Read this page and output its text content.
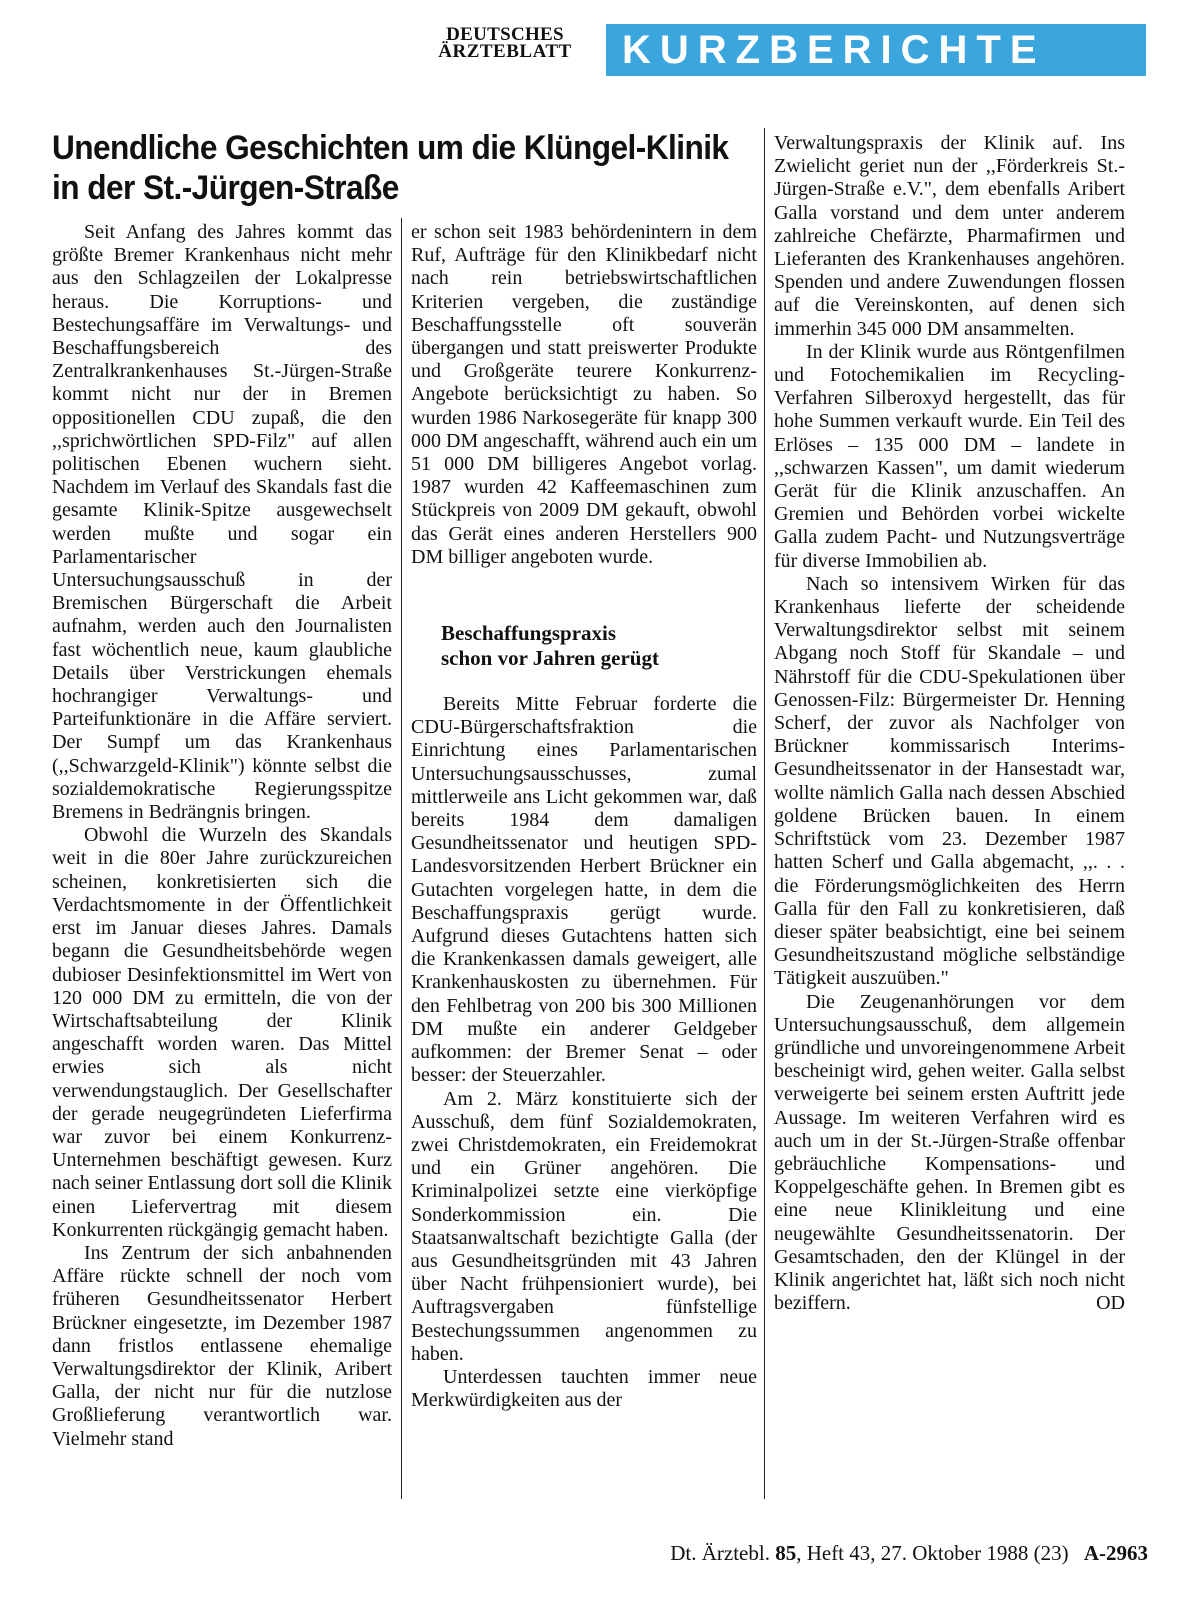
DEUTSCHES
ÄRZTEBLATT	KURZBERICHTE
Unendliche Geschichten um die Klüngel-Klinik
in der St.-Jürgen-Straße

Seit Anfang des Jahres kommt das größte Bremer Krankenhaus nicht mehr aus den Schlagzeilen der Lokalpresse heraus. Die Korruptions- und Bestechungsaffäre im Verwaltungs- und Beschaffungsbereich des Zentralkrankenhauses St.-Jürgen-Straße kommt nicht nur der in Bremen oppositionellen CDU zupaß, die den ,,sprichwörtlichen SPD-Filz" auf allen politischen Ebenen wuchern sieht. Nachdem im Verlauf des Skandals fast die gesamte Klinik-Spitze ausgewechselt werden mußte und sogar ein Parlamentarischer Untersuchungsausschuß in der Bremischen Bürgerschaft die Arbeit aufnahm, werden auch den Journalisten fast wöchentlich neue, kaum glaubliche Details über Verstrickungen ehemals hochrangiger Verwaltungs- und Parteifunktionäre in die Affäre serviert. Der Sumpf um das Krankenhaus (,,Schwarzgeld-Klinik") könnte selbst die sozialdemokratische Regierungsspitze Bremens in Bedrängnis bringen.

Obwohl die Wurzeln des Skandals weit in die 80er Jahre zurückzureichen scheinen, konkretisierten sich die Verdachtsmomente in der Öffentlichkeit erst im Januar dieses Jahres. Damals begann die Gesundheitsbehörde wegen dubioser Desinfektionsmittel im Wert von 120 000 DM zu ermitteln, die von der Wirtschaftsabteilung der Klinik angeschafft worden waren. Das Mittel erwies sich als nicht verwendungstauglich. Der Gesellschafter der gerade neugegründeten Lieferfirma war zuvor bei einem Konkurrenz-Unternehmen beschäftigt gewesen. Kurz nach seiner Entlassung dort soll die Klinik einen Liefervertrag mit diesem Konkurrenten rückgängig gemacht haben.

Ins Zentrum der sich anbahnenden Affäre rückte schnell der noch vom früheren Gesundheitssenator Herbert Brückner eingesetzte, im Dezember 1987 dann fristlos entlassene ehemalige Verwaltungsdirektor der Klinik, Aribert Galla, der nicht nur für die nutzlose Großlieferung verantwortlich war. Vielmehr stand

er schon seit 1983 behördenintern in dem Ruf, Aufträge für den Klinikbedarf nicht nach rein betriebswirtschaftlichen Kriterien vergeben, die zuständige Beschaffungsstelle oft souverän übergangen und statt preiswerter Produkte und Großgeräte teurere Konkurrenz-Angebote berücksichtigt zu haben. So wurden 1986 Narkosegeräte für knapp 300 000 DM angeschafft, während auch ein um 51 000 DM billigeres Angebot vorlag. 1987 wurden 42 Kaffeemaschinen zum Stückpreis von 2009 DM gekauft, obwohl das Gerät eines anderen Herstellers 900 DM billiger angeboten wurde.

Beschaffungspraxis
schon vor Jahren gerügt

Bereits Mitte Februar forderte die CDU-Bürgerschaftsfraktion die Einrichtung eines Parlamentarischen Untersuchungsausschusses, zumal mittlerweile ans Licht gekommen war, daß bereits 1984 dem damaligen Gesundheitssenator und heutigen SPD-Landesvorsitzenden Herbert Brückner ein Gutachten vorgelegen hatte, in dem die Beschaffungspraxis gerügt wurde. Aufgrund dieses Gutachtens hatten sich die Krankenkassen damals geweigert, alle Krankenhauskosten zu übernehmen. Für den Fehlbetrag von 200 bis 300 Millionen DM mußte ein anderer Geldgeber aufkommen: der Bremer Senat – oder besser: der Steuerzahler.

Am 2. März konstituierte sich der Ausschuß, dem fünf Sozialdemokraten, zwei Christdemokraten, ein Freidemokrat und ein Grüner angehören. Die Kriminalpolizei setzte eine vierköpfige Sonderkommission ein. Die Staatsanwaltschaft bezichtigte Galla (der aus Gesundheitsgründen mit 43 Jahren über Nacht frühpensioniert wurde), bei Auftragsvergaben fünfstellige Bestechungssummen angenommen zu haben.

Unterdessen tauchten immer neue Merkwürdigkeiten aus der

Verwaltungspraxis der Klinik auf. Ins Zwielicht geriet nun der ,,Förderkreis St.-Jürgen-Straße e.V.", dem ebenfalls Aribert Galla vorstand und dem unter anderem zahlreiche Chefärzte, Pharmafirmen und Lieferanten des Krankenhauses angehören. Spenden und andere Zuwendungen flossen auf die Vereinskonten, auf denen sich immerhin 345 000 DM ansammelten.

In der Klinik wurde aus Röntgenfilmen und Fotochemikalien im Recycling-Verfahren Silberoxyd hergestellt, das für hohe Summen verkauft wurde. Ein Teil des Erlöses – 135 000 DM – landete in ,,schwarzen Kassen", um damit wiederum Gerät für die Klinik anzuschaffen. An Gremien und Behörden vorbei wickelte Galla zudem Pacht- und Nutzungsverträge für diverse Immobilien ab.

Nach so intensivem Wirken für das Krankenhaus lieferte der scheidende Verwaltungsdirektor selbst mit seinem Abgang noch Stoff für Skandale – und Nährstoff für die CDU-Spekulationen über Genossen-Filz: Bürgermeister Dr. Henning Scherf, der zuvor als Nachfolger von Brückner kommissarisch Interims-Gesundheitssenator in der Hansestadt war, wollte nämlich Galla nach dessen Abschied goldene Brücken bauen. In einem Schriftstück vom 23. Dezember 1987 hatten Scherf und Galla abgemacht, ,,. . . die Förderungsmöglichkeiten des Herrn Galla für den Fall zu konkretisieren, daß dieser später beabsichtigt, eine bei seinem Gesundheitszustand mögliche selbständige Tätigkeit auszuüben."

Die Zeugenanhörungen vor dem Untersuchungsausschuß, dem allgemein gründliche und unvoreingenommene Arbeit bescheinigt wird, gehen weiter. Galla selbst verweigerte bei seinem ersten Auftritt jede Aussage. Im weiteren Verfahren wird es auch um in der St.-Jürgen-Straße offenbar gebräuchliche Kompensations- und Koppelgeschäfte gehen. In Bremen gibt es eine neue Klinikleitung und eine neugewählte Gesundheitssenatorin. Der Gesamtschaden, den der Klüngel in der Klinik angerichtet hat, läßt sich noch nicht beziffern.	OD

Dt. Ärztebl. 85, Heft 43, 27. Oktober 1988 (23) A-2963
